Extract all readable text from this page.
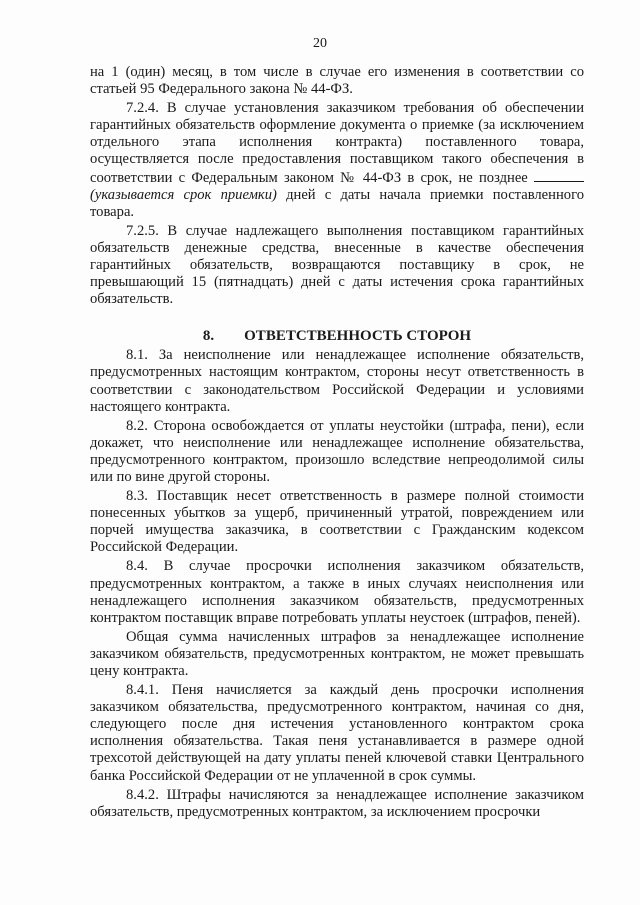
20

на 1 (один) месяц, в том числе в случае его изменения в соответствии со статьей 95 Федерального закона № 44-ФЗ.

7.2.4. В случае установления заказчиком требования об обеспечении гарантийных обязательств оформление документа о приемке (за исключением отдельного этапа исполнения контракта) поставленного товара, осуществляется после предоставления поставщиком такого обеспечения в соответствии с Федеральным законом № 44-ФЗ в срок, не позднее  (указывается срок приемки) дней с даты начала приемки поставленного товара.

7.2.5. В случае надлежащего выполнения поставщиком гарантийных обязательств денежные средства, внесенные в качестве обеспечения гарантийных обязательств, возвращаются поставщику в срок, не превышающий 15 (пятнадцать) дней с даты истечения срока гарантийных обязательств.

8. ОТВЕТСТВЕННОСТЬ СТОРОН

8.1. За неисполнение или ненадлежащее исполнение обязательств, предусмотренных настоящим контрактом, стороны несут ответственность в соответствии с законодательством Российской Федерации и условиями настоящего контракта.

8.2. Сторона освобождается от уплаты неустойки (штрафа, пени), если докажет, что неисполнение или ненадлежащее исполнение обязательства, предусмотренного контрактом, произошло вследствие непреодолимой силы или по вине другой стороны.

8.3. Поставщик несет ответственность в размере полной стоимости понесенных убытков за ущерб, причиненный утратой, повреждением или порчей имущества заказчика, в соответствии с Гражданским кодексом Российской Федерации.

8.4. В случае просрочки исполнения заказчиком обязательств, предусмотренных контрактом, а также в иных случаях неисполнения или ненадлежащего исполнения заказчиком обязательств, предусмотренных контрактом поставщик вправе потребовать уплаты неустоек (штрафов, пеней).

Общая сумма начисленных штрафов за ненадлежащее исполнение заказчиком обязательств, предусмотренных контрактом, не может превышать цену контракта.

8.4.1. Пеня начисляется за каждый день просрочки исполнения заказчиком обязательства, предусмотренного контрактом, начиная со дня, следующего после дня истечения установленного контрактом срока исполнения обязательства. Такая пеня устанавливается в размере одной трехсотой действующей на дату уплаты пеней ключевой ставки Центрального банка Российской Федерации от не уплаченной в срок суммы.

8.4.2. Штрафы начисляются за ненадлежащее исполнение заказчиком обязательств, предусмотренных контрактом, за исключением просрочки
